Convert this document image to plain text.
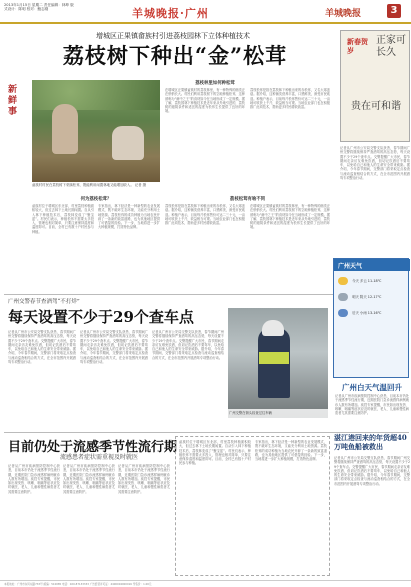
2013年1月15日 星期二 责任编辑：林坤 版式设计：陈明 校对：鲍志刚	羊城晚报·广州	羊城晚报	3
增城区正果镇畲族村引进荔枝园林下立体种植技术
荔枝树下种出“金”松茸
新鲜事
畲族村村民在荔枝树下采摘松茸，既能利用闲置林地又能增加收入。 记者 摄
荔枝林里如何种松茸
在增城区正果镇畲族村的荔枝林里，有一种特殊的菌类正在悄悄长大。村民们利用荔枝树下的空地种植松茸，这种被称为“菌中之王”的食材如今在当地形成了一定规模。据了解，荔枝园林下种植技术是近年来从外地引进的，荔枝树的遮阴条件和适宜的湿度为松茸生长提供了良好的环境。
荔枝松茸是指在荔枝林下种植出来的赤松茸，又名大球盖菇。据介绍，这种菌类营养丰富，口感鲜美，深受市民欢迎。种植户表示，目前每斤松茸售价可达二三十元，一亩地可收获上千斤，收益相当可观。当地农业部门也在积极推广此项技术，帮助更多村民增收致富。
何为荔枝松茸？
畲族村位于增城区东北部，村里荔枝种植面积较大，但过去林下土地长期闲置。自从引入林下种植技术后，荔枝林变成了“聚宝盆”。村民们表示，种植松茸不需要太多投入，管理也相对简单，只要注意保持湿度和温度即可。目前，全村已有数十户村民参与种植。
专家指出，林下经济是一种新型的农业发展模式，既不破坏生态环境，又能充分利用土地资源。荔枝松茸的成功种植为当地农民开辟了一条新的致富道路，也为其他地区提供了可借鉴的经验。下一步，当地将进一步扩大种植规模，打造特色品牌。
荔枝松茸有啥不同
荔枝松茸是指在荔枝林下种植出来的赤松茸，又名大球盖菇。据介绍，这种菌类营养丰富，口感鲜美，深受市民欢迎。种植户表示，目前每斤松茸售价可达二三十元，一亩地可收获上千斤，收益相当可观。当地农业部门也在积极推广此项技术，帮助更多村民增收致富。
在增城区正果镇畲族村的荔枝林里，有一种特殊的菌类正在悄悄长大。村民们利用荔枝树下的空地种植松茸，这种被称为“菌中之王”的食材如今在当地形成了一定规模。据了解，荔枝园林下种植技术是近年来从外地引进的，荔枝树的遮阴条件和适宜的湿度为松茸生长提供了良好的环境。
新春贺岁
正家可长久
贵在可和谐
记者从广州市公安局交警支队获悉，春节期间广州交警将继续保持严查酒驾的高压态势，每天设置不少于29个查车点。交警提醒广大市民，春节期间走亲访友难免饮酒，但切记饮酒后不要驾车，以免给自己和他人的生命安全带来威胁。据介绍，今年春节期间，交警部门将采取定点检查与流动巡查相结合的方式，在全市范围内开展酒驾专项整治行动。
广州交警春节查酒驾“不打烊”
每天设置不少于29个查车点
记者从广州市公安局交警支队获悉，春节期间广州交警将继续保持严查酒驾的高压态势，每天设置不少于29个查车点。交警提醒广大市民，春节期间走亲访友难免饮酒，但切记饮酒后不要驾车，以免给自己和他人的生命安全带来威胁。据介绍，今年春节期间，交警部门将采取定点检查与流动巡查相结合的方式，在全市范围内开展酒驾专项整治行动。
记者从广州市公安局交警支队获悉，春节期间广州交警将继续保持严查酒驾的高压态势，每天设置不少于29个查车点。交警提醒广大市民，春节期间走亲访友难免饮酒，但切记饮酒后不要驾车，以免给自己和他人的生命安全带来威胁。据介绍，今年春节期间，交警部门将采取定点检查与流动巡查相结合的方式，在全市范围内开展酒驾专项整治行动。
记者从广州市公安局交警支队获悉，春节期间广州交警将继续保持严查酒驾的高压态势，每天设置不少于29个查车点。交警提醒广大市民，春节期间走亲访友难免饮酒，但切记饮酒后不要驾车，以免给自己和他人的生命安全带来威胁。据介绍，今年春节期间，交警部门将采取定点检查与流动巡查相结合的方式，在全市范围内开展酒驾专项整治行动。
广州交警在街头检查过往车辆
广州天气
今天 多云 11-18℃
明天 阴天 12-17℃
后天 小雨 13-16℃
广州白天气温回升
记者从广州市疾病预防控制中心获悉，目前本市仍处于流感季节性流行期，近期医院门急诊流感样病例就诊人数有所增加。疾控专家提醒，市民如出现发热、咳嗽、咽痛等症状应及时就医，老人、儿童和慢性病患者尤其需要注意防护。
目前仍处于流感季节性流行期
流感患者症状需重视及时就医
记者从广州市疾病预防控制中心获悉，目前本市仍处于流感季节性流行期，近期医院门急诊流感样病例就诊人数有所增加。疾控专家提醒，市民如出现发热、咳嗽、咽痛等症状应及时就医，老人、儿童和慢性病患者尤其需要注意防护。
记者从广州市疾病预防控制中心获悉，目前本市仍处于流感季节性流行期，近期医院门急诊流感样病例就诊人数有所增加。疾控专家提醒，市民如出现发热、咳嗽、咽痛等症状应及时就医，老人、儿童和慢性病患者尤其需要注意防护。
记者从广州市疾病预防控制中心获悉，目前本市仍处于流感季节性流行期，近期医院门急诊流感样病例就诊人数有所增加。疾控专家提醒，市民如出现发热、咳嗽、咽痛等症状应及时就医，老人、儿童和慢性病患者尤其需要注意防护。
畲族村位于增城区东北部，村里荔枝种植面积较大，但过去林下土地长期闲置。自从引入林下种植技术后，荔枝林变成了“聚宝盆”。村民们表示，种植松茸不需要太多投入，管理也相对简单，只要注意保持湿度和温度即可。目前，全村已有数十户村民参与种植。
专家指出，林下经济是一种新型的农业发展模式，既不破坏生态环境，又能充分利用土地资源。荔枝松茸的成功种植为当地农民开辟了一条新的致富道路，也为其他地区提供了可借鉴的经验。下一步，当地将进一步扩大种植规模，打造特色品牌。
湛江港回来的年货超40万吨鱼船被救出
记者从广州市公安局交警支队获悉，春节期间广州交警将继续保持严查酒驾的高压态势，每天设置不少于29个查车点。交警提醒广大市民，春节期间走亲访友难免饮酒，但切记饮酒后不要驾车，以免给自己和他人的生命安全带来威胁。据介绍，今年春节期间，交警部门将采取定点检查与流动巡查相结合的方式，在全市范围内开展酒驾专项整治行动。
本报地址：广州市东风东路733号 邮编：510085 电话：020-87133333 广告经营许可证：4400004000016 零售价：1.00元
